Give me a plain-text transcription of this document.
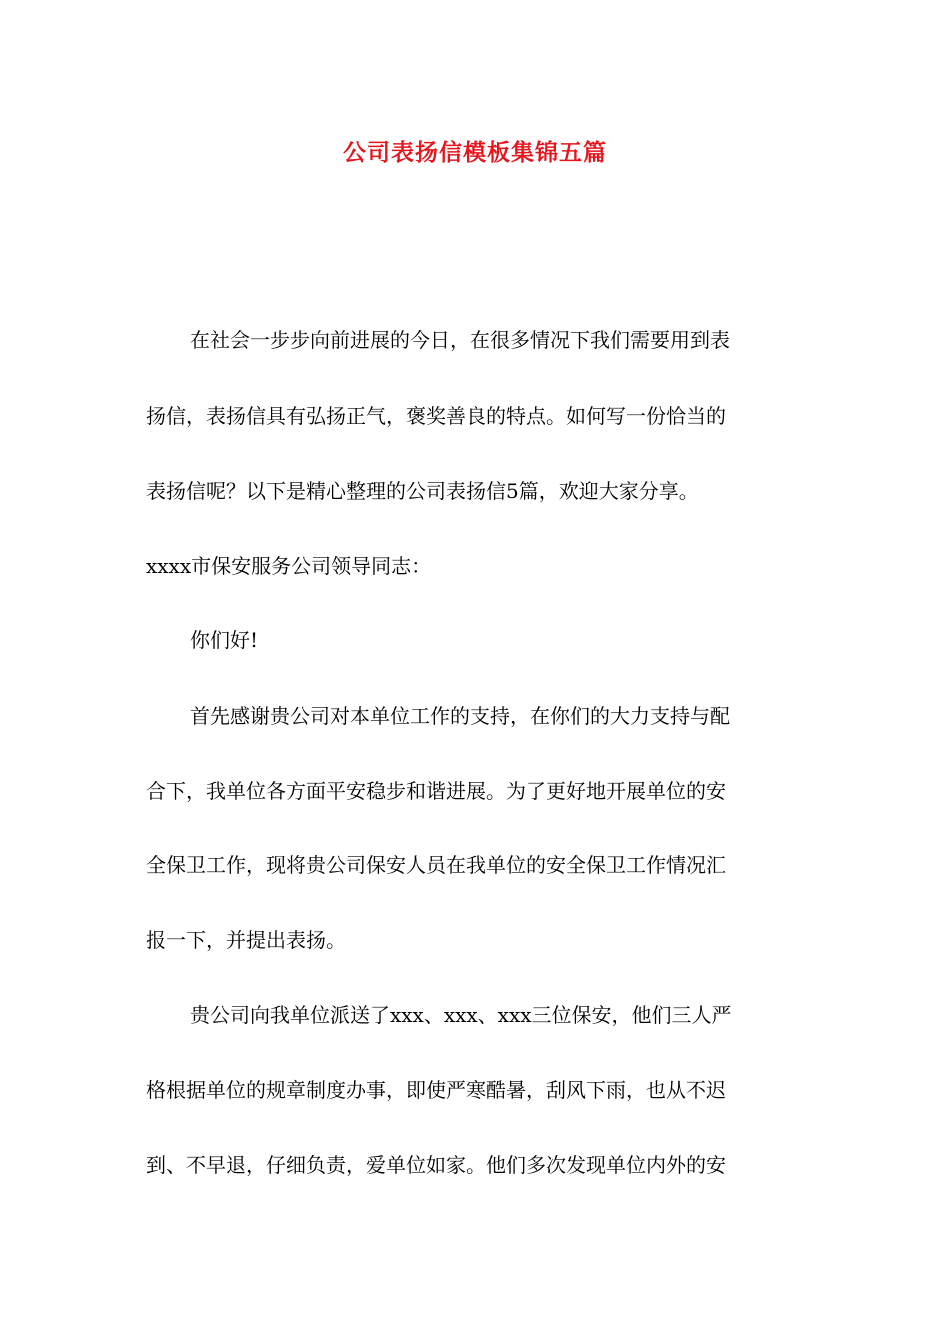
公司表扬信模板集锦五篇
在社会一步步向前进展的今日，在很多情况下我们需要用到表
扬信，表扬信具有弘扬正气，褒奖善良的特点。如何写一份恰当的
表扬信呢？以下是精心整理的公司表扬信5篇，欢迎大家分享。
xxxx市保安服务公司领导同志：
你们好!
首先感谢贵公司对本单位工作的支持，在你们的大力支持与配
合下，我单位各方面平安稳步和谐进展。为了更好地开展单位的安
全保卫工作，现将贵公司保安人员在我单位的安全保卫工作情况汇
报一下，并提出表扬。
贵公司向我单位派送了xxx、xxx、xxx三位保安，他们三人严
格根据单位的规章制度办事，即使严寒酷暑，刮风下雨，也从不迟
到、不早退，仔细负责，爱单位如家。他们多次发现单位内外的安
